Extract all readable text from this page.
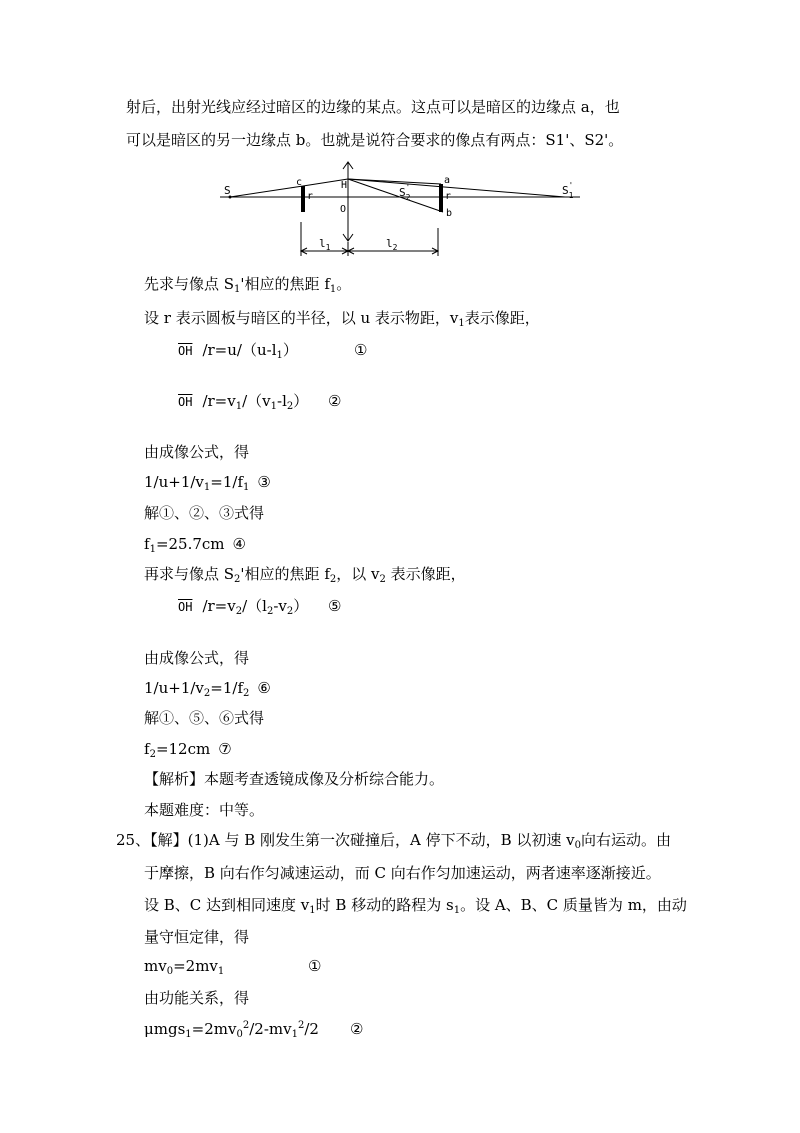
射后，出射光线应经过暗区的边缘的某点。这点可以是暗区的边缘点 a，也
可以是暗区的另一边缘点 b。也就是说符合要求的像点有两点：S1'、S2'。
S
c
r
H
O
$S_2'$
a
r
b
$S_1'$
$l_1$	$l_2$
先求与像点 $S_1'$相应的焦距 $f_1$。
设 r 表示圆板与暗区的半径，以 u 表示物距，$v_1$表示像距，
$\overline{OH}$ $/r=u/(u-l_1)$	①
$\overline{OH}$ $/r=v_1/(v_1-l_2)$ ②
由成像公式，得
$1/u+1/v_1=1/f_1$ ③
解①、②、③式得
$f_1=25.7cm$ ④
再求与像点 $S_2'$相应的焦距 $f_2$，以 $v_2$ 表示像距，
$\overline{OH}$ $/r=v_2/(l_2-v_2)$ ⑤
由成像公式，得
$1/u+1/v_2=1/f_2$ ⑥
解①、⑤、⑥式得
$f_2=12cm$ ⑦
【解析】本题考查透镜成像及分析综合能力。
本题难度：中等。
25、【解】(1)A 与 B 刚发生第一次碰撞后，A 停下不动，B 以初速 $v_0$向右运动。由
于摩擦，B 向右作匀减速运动，而 C 向右作匀加速运动，两者速率逐渐接近。
设 B、C 达到相同速度 $v_1$时 B 移动的路程为 $s_1$。设 A、B、C 质量皆为 m，由动
量守恒定律，得
$mv_0=2mv_1$	①
由功能关系，得
$\mu mgs_1=2mv_0^2/2-mv_1^2/2$ ②
